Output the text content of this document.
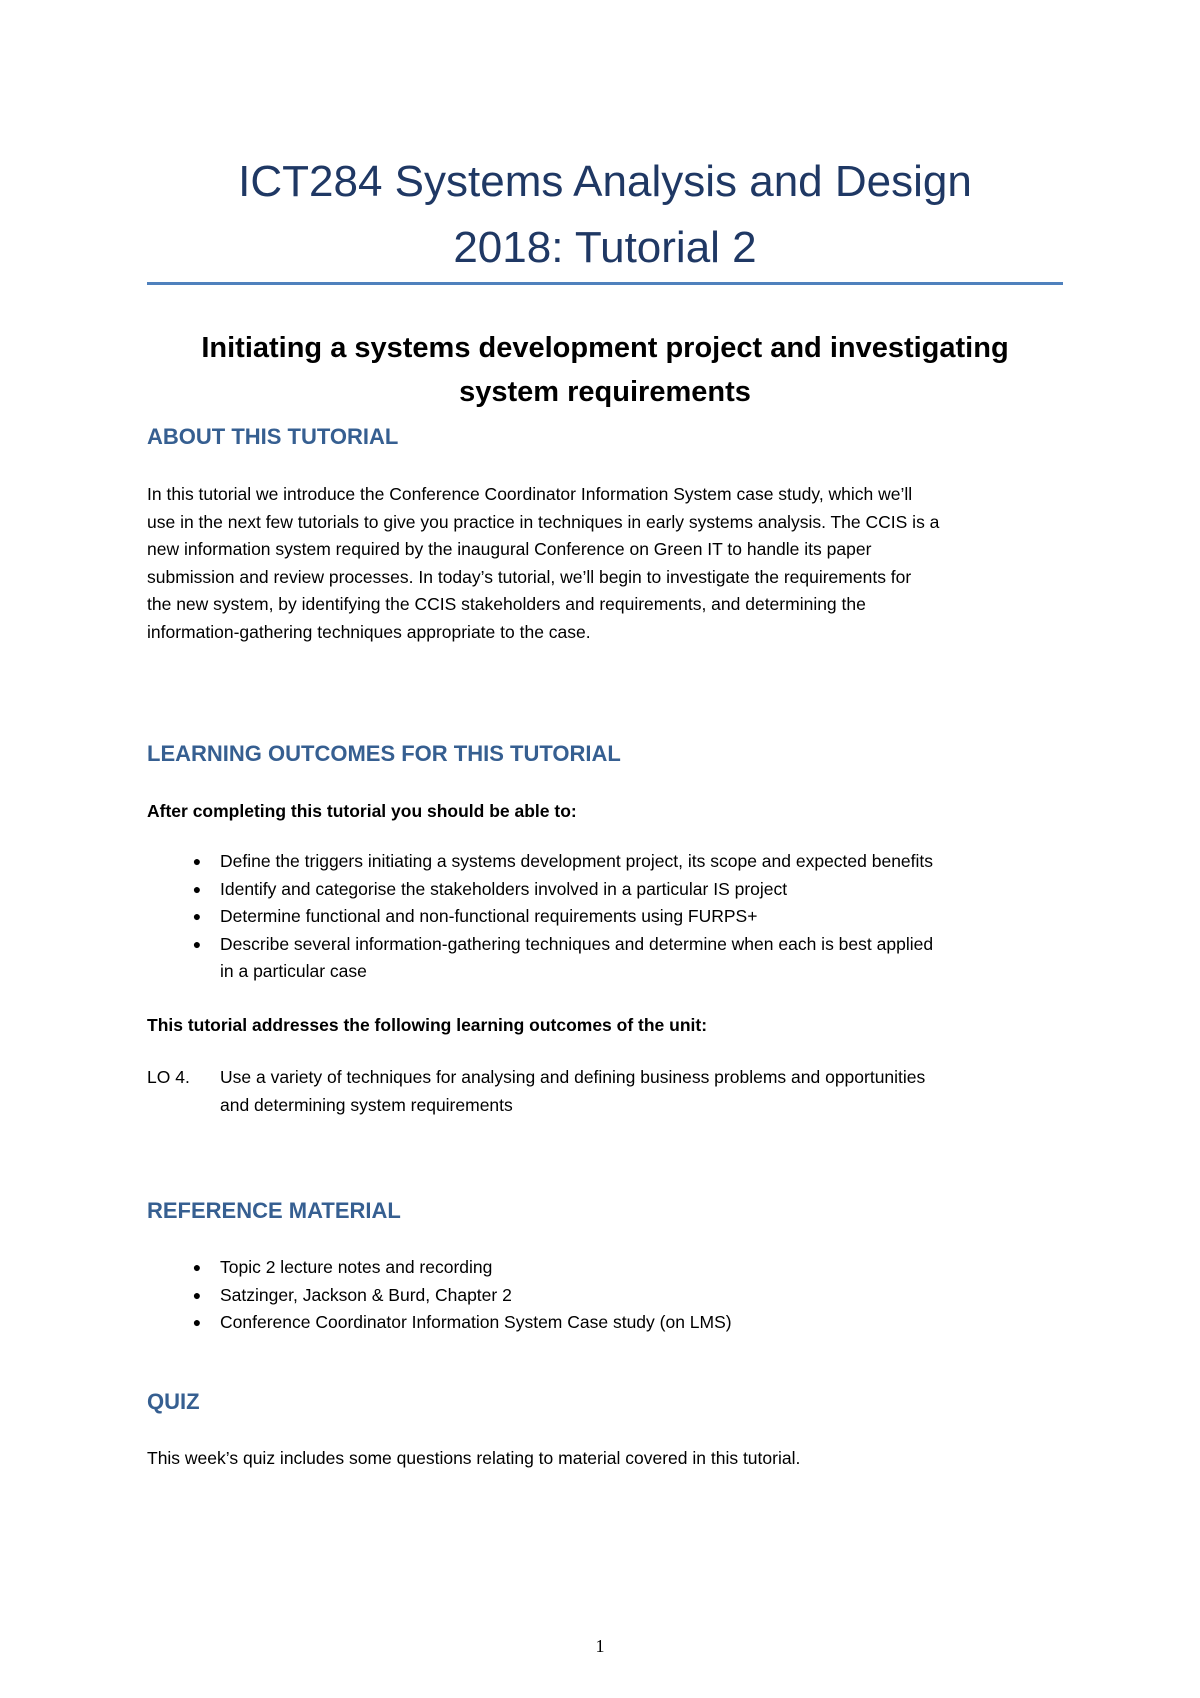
ICT284 Systems Analysis and Design
2018: Tutorial 2
Initiating a systems development project and investigating
system requirements
ABOUT THIS TUTORIAL
In this tutorial we introduce the Conference Coordinator Information System case study, which we’ll
use in the next few tutorials to give you practice in techniques in early systems analysis. The CCIS is a
new information system required by the inaugural Conference on Green IT to handle its paper
submission and review processes. In today’s tutorial, we’ll begin to investigate the requirements for
the new system, by identifying the CCIS stakeholders and requirements, and determining the
information-gathering techniques appropriate to the case.
LEARNING OUTCOMES FOR THIS TUTORIAL
After completing this tutorial you should be able to:
●	Define the triggers initiating a systems development project, its scope and expected benefits
●	Identify and categorise the stakeholders involved in a particular IS project
●	Determine functional and non-functional requirements using FURPS+
●	Describe several information-gathering techniques and determine when each is best applied
in a particular case
This tutorial addresses the following learning outcomes of the unit:
LO 4. Use a variety of techniques for analysing and defining business problems and opportunities
and determining system requirements
REFERENCE MATERIAL
●	Topic 2 lecture notes and recording
●	Satzinger, Jackson & Burd, Chapter 2
●	Conference Coordinator Information System Case study (on LMS)
QUIZ
This week’s quiz includes some questions relating to material covered in this tutorial.
1
